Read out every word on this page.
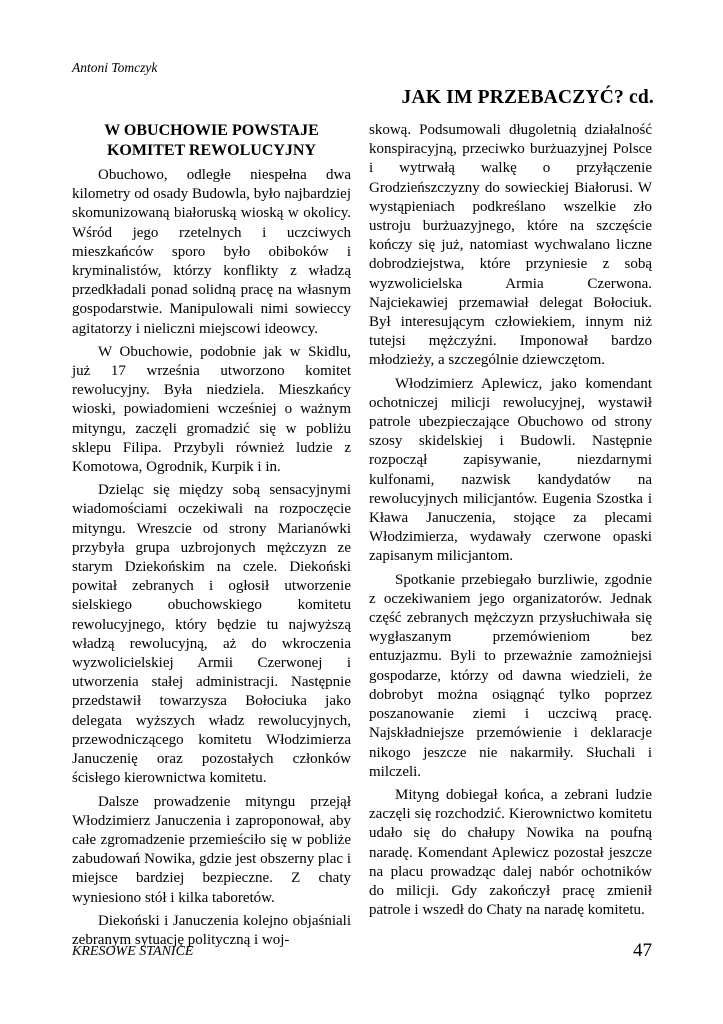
Antoni Tomczyk
JAK IM PRZEBACZYĆ? cd.
W OBUCHOWIE POWSTAJE KOMITET REWOLUCYJNY

Obuchowo, odległe niespełna dwa kilometry od osady Budowla, było najbardziej skomunizowaną białoruską wioską w okolicy. Wśród jego rzetelnych i uczciwych mieszkańców sporo było obiboków i kryminalistów, którzy konflikty z władzą przedkładali ponad solidną pracę na własnym gospodarstwie. Manipulowali nimi sowieccy agitatorzy i nieliczni miejscowi ideowcy.

W Obuchowie, podobnie jak w Skidlu, już 17 września utworzono komitet rewolucyjny. Była niedziela. Mieszkańcy wioski, powiadomieni wcześniej o ważnym mityngu, zaczęli gromadzić się w pobliżu sklepu Filipa. Przybyli również ludzie z Komotowa, Ogrodnik, Kurpik i in.

Dzieląc się między sobą sensacyjnymi wiadomościami oczekiwali na rozpoczęcie mityngu. Wreszcie od strony Marianówki przybyła grupa uzbrojonych mężczyzn ze starym Dziekońskim na czele. Diekoński powitał zebranych i ogłosił utworzenie sielskiego obuchowskiego komitetu rewolucyjnego, który będzie tu najwyższą władzą rewolucyjną, aż do wkroczenia wyzwolicielskiej Armii Czerwonej i utworzenia stałej administracji. Następnie przedstawił towarzysza Bołociuka jako delegata wyższych władz rewolucyjnych, przewodniczącego komitetu Włodzimierza Januczenię oraz pozostałych członków ścisłego kierownictwa komitetu.

Dalsze prowadzenie mityngu przejął Włodzimierz Januczenia i zaproponował, aby całe zgromadzenie przemieściło się w pobliże zabudowań Nowika, gdzie jest obszerny plac i miejsce bardziej bezpieczne. Z chaty wyniesiono stół i kilka taboretów.

Diekoński i Januczenia kolejno objaśniali zebranym sytuację polityczną i woj-

skową. Podsumowali długoletnią działalność konspiracyjną, przeciwko burżuazyjnej Polsce i wytrwałą walkę o przyłączenie Grodzieńszczyzny do sowieckiej Białorusi. W wystąpieniach podkreślano wszelkie zło ustroju burżuazyjnego, które na szczęście kończy się już, natomiast wychwalano liczne dobrodziejstwa, które przyniesie z sobą wyzwolicielska Armia Czerwona. Najciekawiej przemawiał delegat Bołociuk. Był interesującym człowiekiem, innym niż tutejsi mężczyźni. Imponował bardzo młodzieży, a szczególnie dziewczętom.

Włodzimierz Aplewicz, jako komendant ochotniczej milicji rewolucyjnej, wystawił patrole ubezpieczające Obuchowo od strony szosy skidelskiej i Budowli. Następnie rozpoczął zapisywanie, niezdarnymi kulfonami, nazwisk kandydatów na rewolucyjnych milicjantów. Eugenia Szostka i Kława Januczenia, stojące za plecami Włodzimierza, wydawały czerwone opaski zapisanym milicjantom.

Spotkanie przebiegało burzliwie, zgodnie z oczekiwaniem jego organizatorów. Jednak część zebranych mężczyzn przysłuchiwała się wygłaszanym przemówieniom bez entuzjazmu. Byli to przeważnie zamożniejsi gospodarze, którzy od dawna wiedzieli, że dobrobyt można osiągnąć tylko poprzez poszanowanie ziemi i uczciwą pracę. Najskładniejsze przemówienie i deklaracje nikogo jeszcze nie nakarmiły. Słuchali i milczeli.

Mityng dobiegał końca, a zebrani ludzie zaczęli się rozchodzić. Kierownictwo komitetu udało się do chałupy Nowika na poufną naradę. Komendant Aplewicz pozostał jeszcze na placu prowadząc dalej nabór ochotników do milicji. Gdy zakończył pracę zmienił patrole i wszedł do Chaty na naradę komitetu.

KRESOWE STANICE	47
